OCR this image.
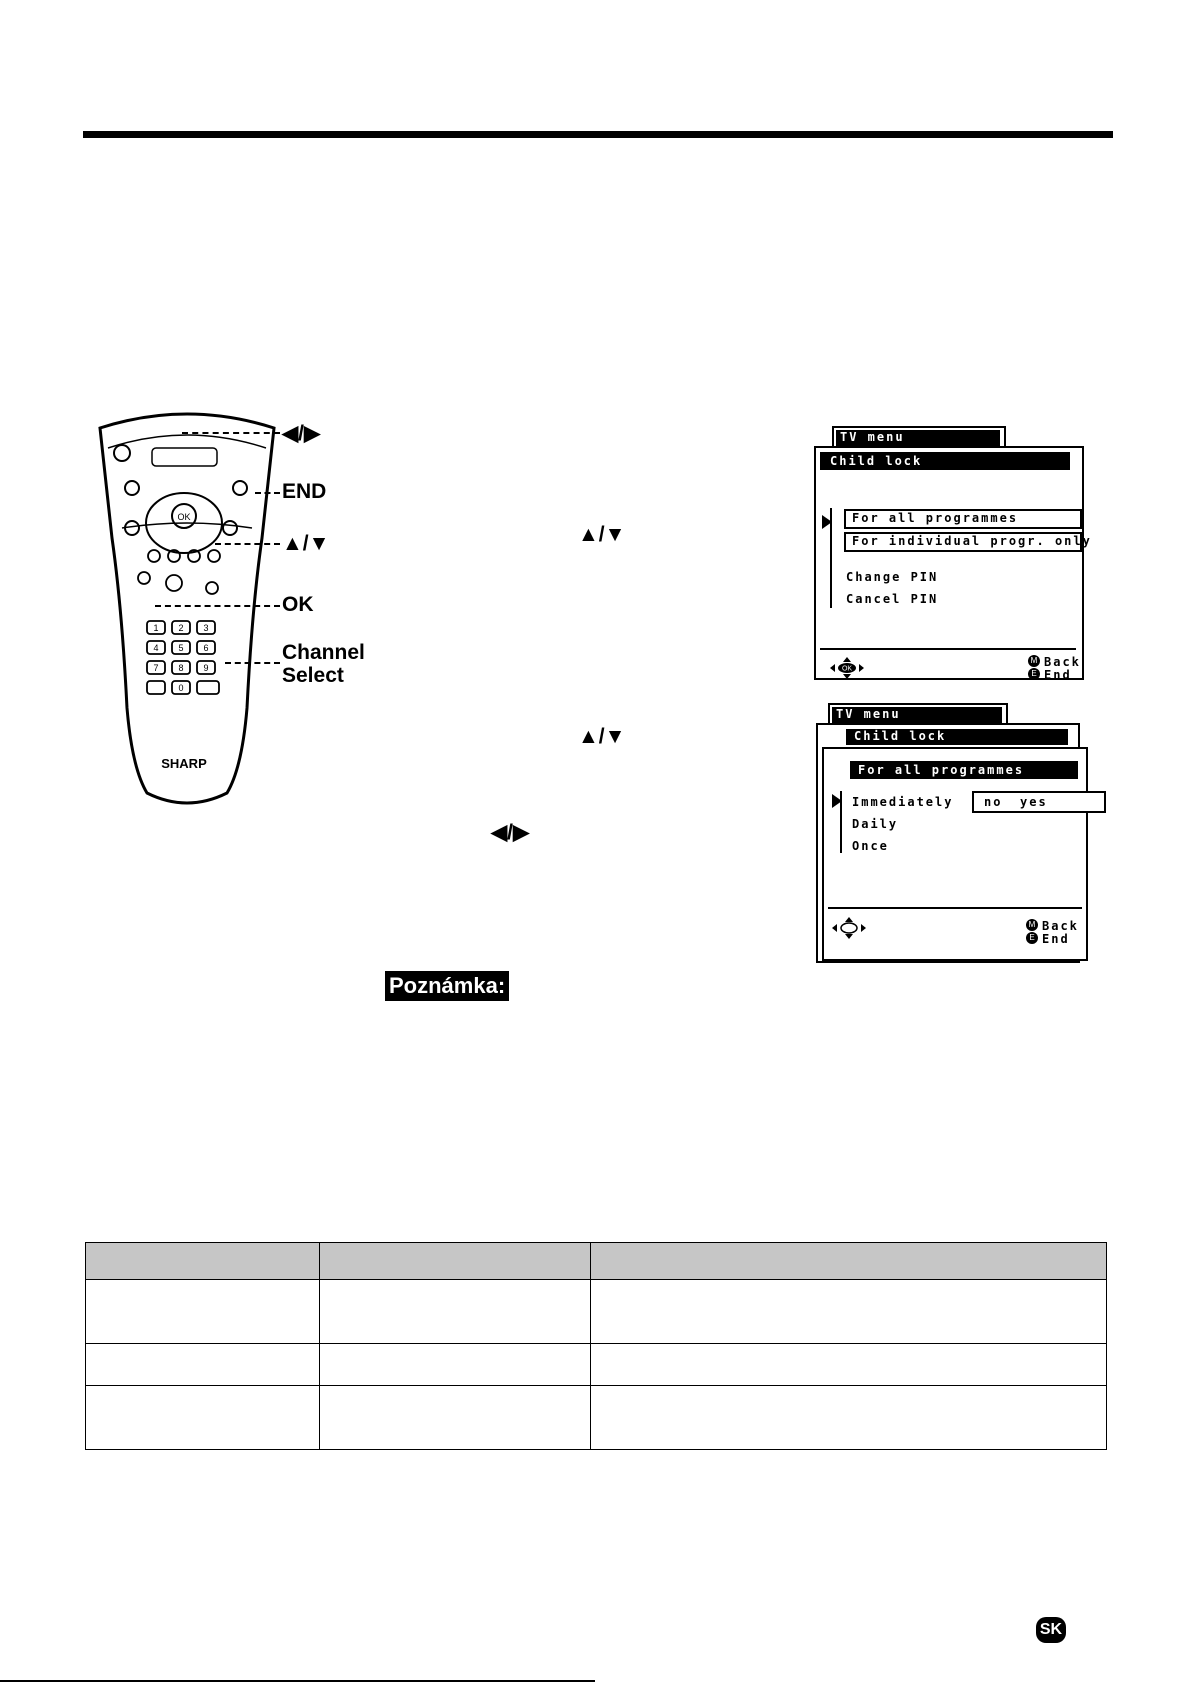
OK
1 2 3
4 5 6
7 8 9
0
SHARP
◀/▶
END
▲/▼
OK
Channel
Select
▲/▼
▲/▼
◀/▶
Poznámka:
TV menu
Child lock
For all programmes
For individual progr. only
Change PIN
Cancel PIN
OK
M Back
E End
TV menu
Child lock
For all programmes
Immediately	no yes
Daily
Once
M Back
E End

SK
